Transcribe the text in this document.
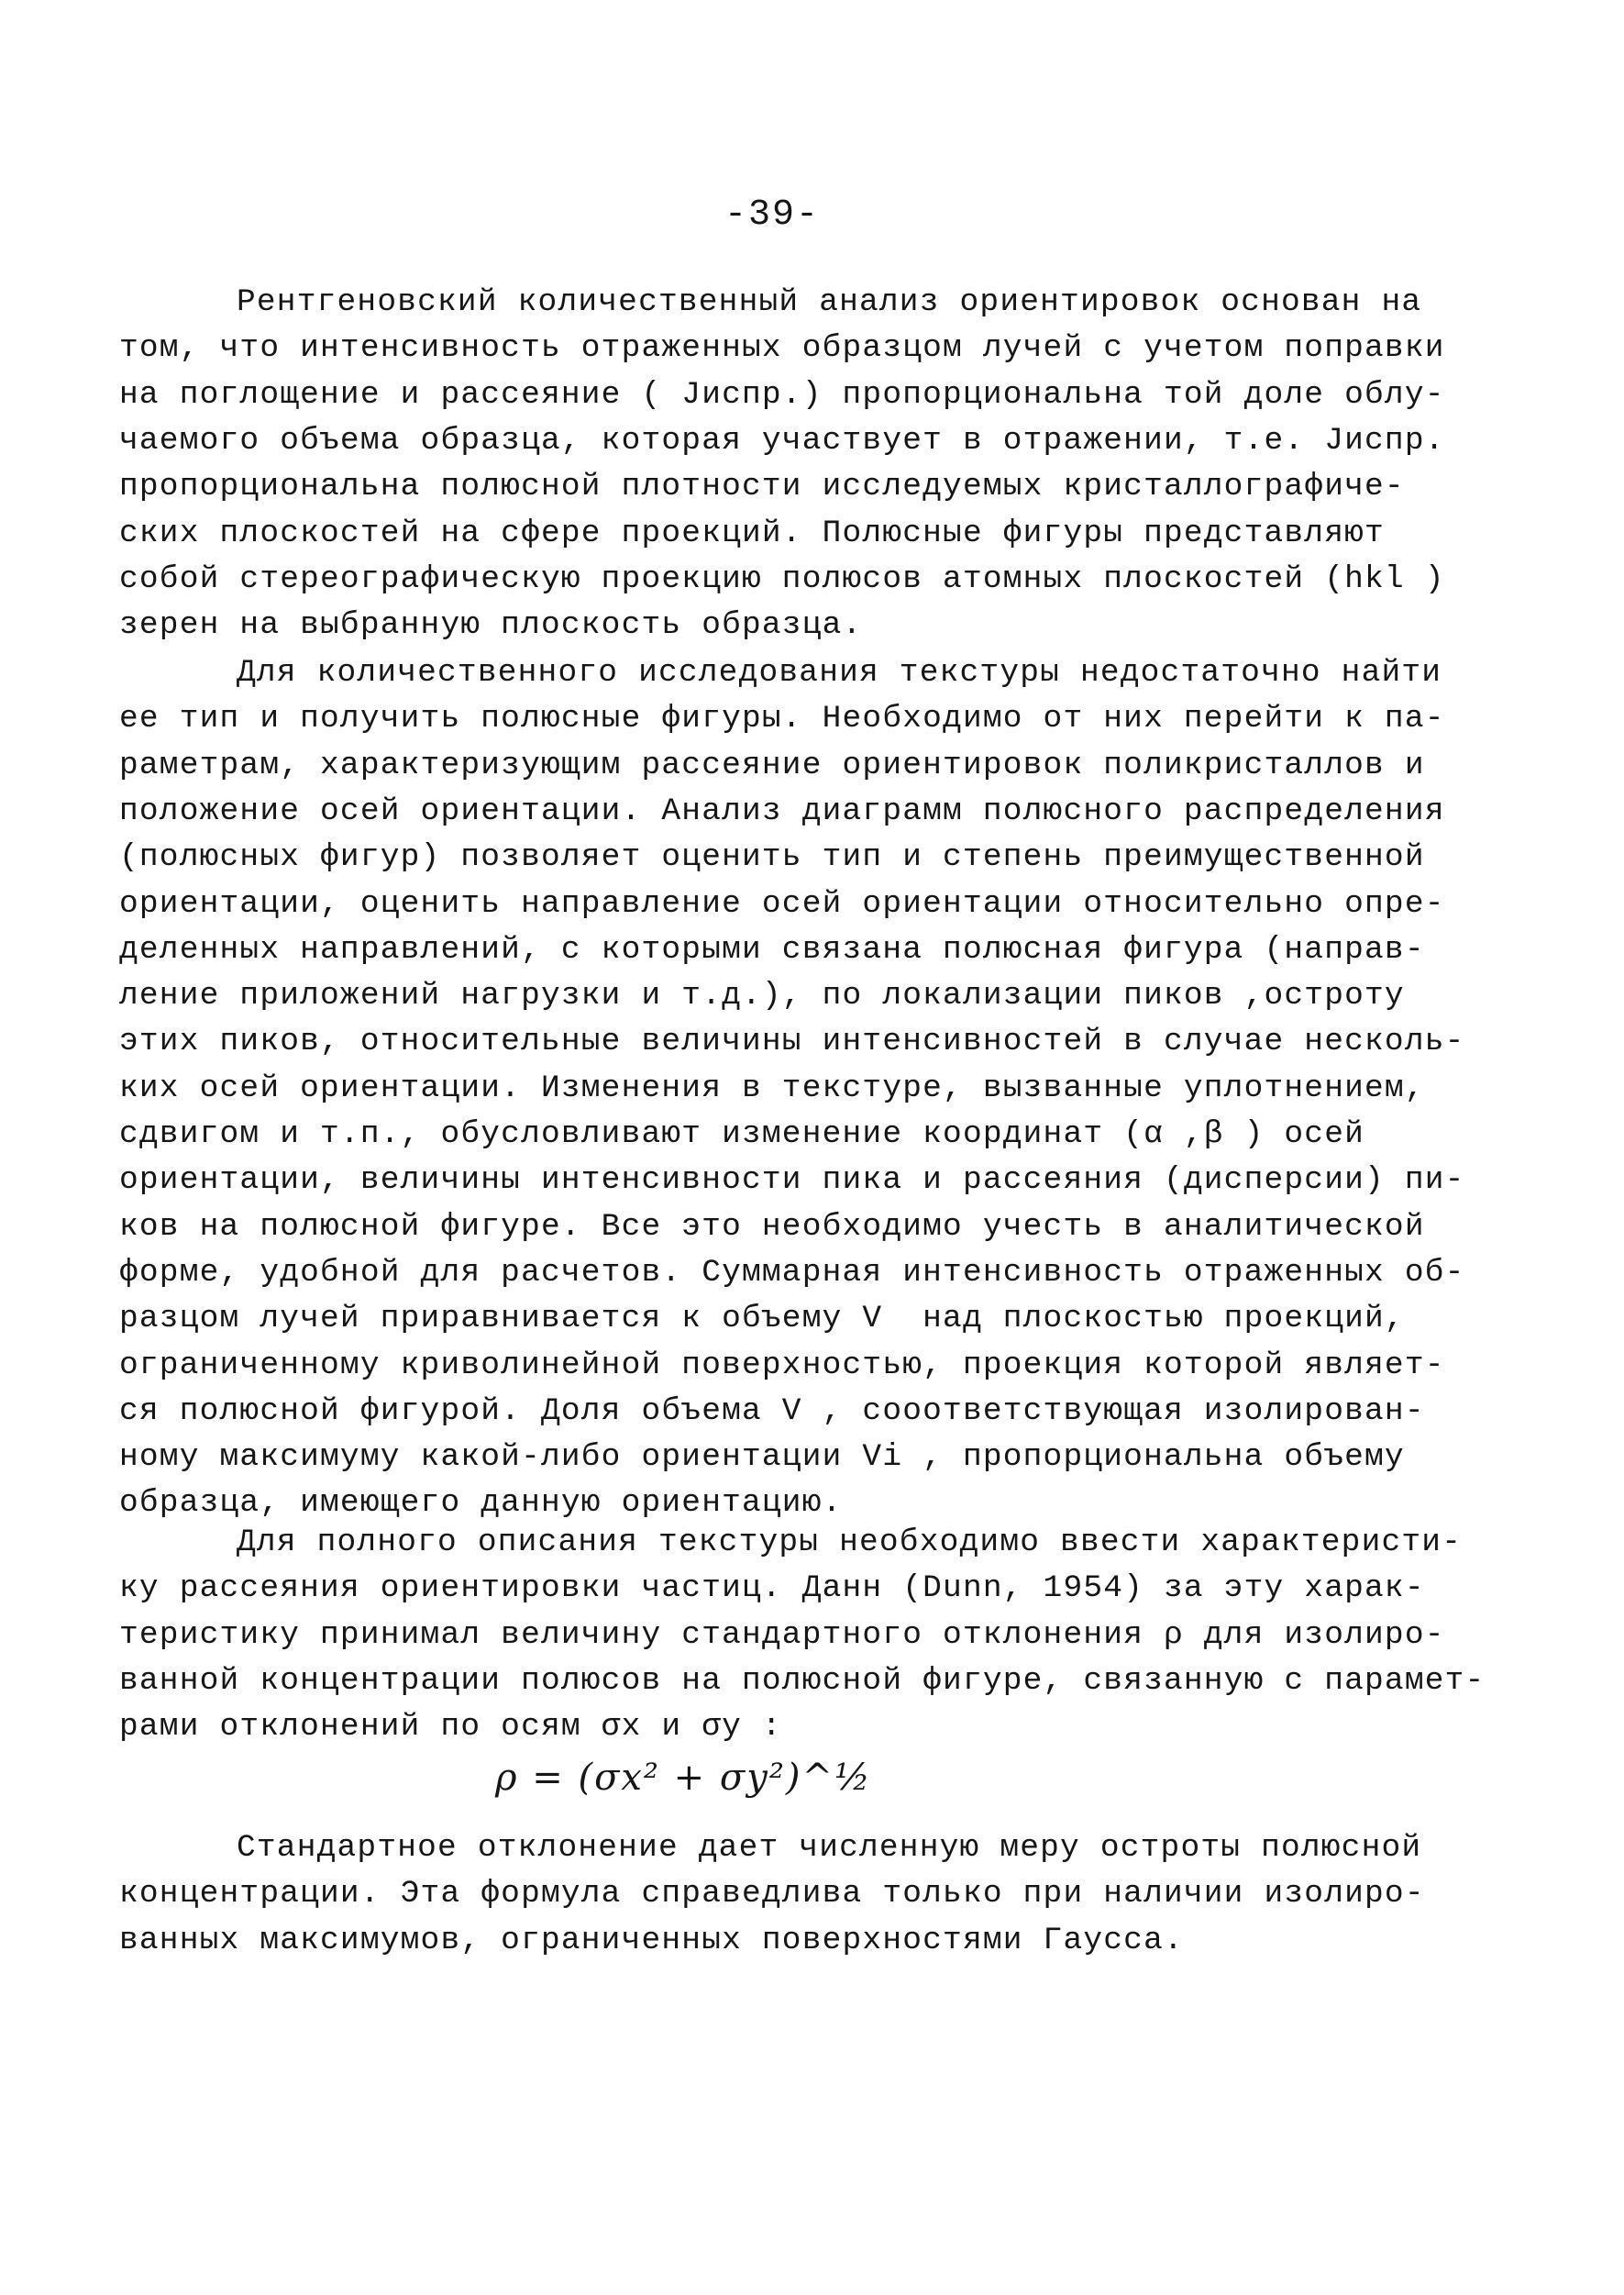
-39-
Рентгеновский количественный анализ ориентировок основан на
том, что интенсивность отраженных образцом лучей с учетом поправки
на поглощение и рассеяние ( Jиспр.) пропорциональна той доле облу-
чаемого объема образца, которая участвует в отражении, т.е. Jиспр.
пропорциональна полюсной плотности исследуемых кристаллографиче-
ских плоскостей на сфере проекций. Полюсные фигуры представляют
собой стереографическую проекцию полюсов атомных плоскостей (hkl )
зерен на выбранную плоскость образца.
Для количественного исследования текстуры недостаточно найти
ее тип и получить полюсные фигуры. Необходимо от них перейти к па-
раметрам, характеризующим рассеяние ориентировок поликристаллов и
положение осей ориентации. Анализ диаграмм полюсного распределения
(полюсных фигур) позволяет оценить тип и степень преимущественной
ориентации, оценить направление осей ориентации относительно опре-
деленных направлений, с которыми связана полюсная фигура (направ-
ление приложений нагрузки и т.д.), по локализации пиков ,остроту
этих пиков, относительные величины интенсивностей в случае несколь-
ких осей ориентации. Изменения в текстуре, вызванные уплотнением,
сдвигом и т.п., обусловливают изменение координат (α ,β ) осей
ориентации, величины интенсивности пика и рассеяния (дисперсии) пи-
ков на полюсной фигуре. Все это необходимо учесть в аналитической
форме, удобной для расчетов. Суммарная интенсивность отраженных об-
разцом лучей приравнивается к объему V  над плоскостью проекций,
ограниченному криволинейной поверхностью, проекция которой являет-
ся полюсной фигурой. Доля объема V , сооответствующая изолирован-
ному максимуму какой-либо ориентации Vi , пропорциональна объему
образца, имеющего данную ориентацию.
Для полного описания текстуры необходимо ввести характеристи-
ку рассеяния ориентировки частиц. Данн (Dunn, 1954) за эту харак-
теристику принимал величину стандартного отклонения ρ для изолиро-
ванной концентрации полюсов на полюсной фигуре, связанную с парамет-
рами отклонений по осям σx и σy :
Стандартное отклонение дает численную меру остроты полюсной
концентрации. Эта формула справедлива только при наличии изолиро-
ванных максимумов, ограниченных поверхностями Гаусса.
ρ = (σx² + σy²)^½
